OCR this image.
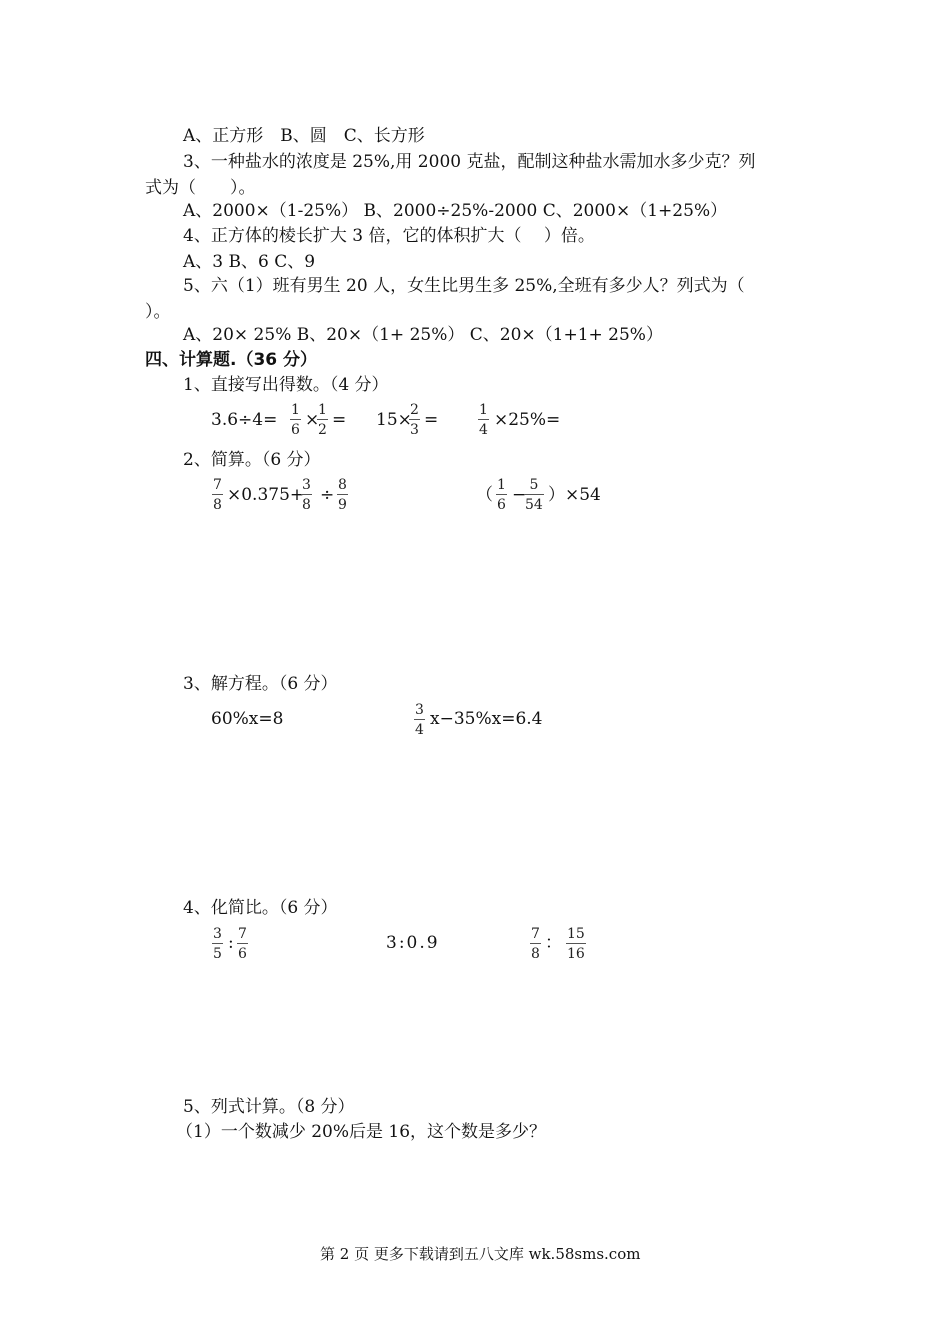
A、正方形　B、圆　C、长方形
3、一种盐水的浓度是 25%,用 2000 克盐，配制这种盐水需加水多少克？列
式为（　　）。
A、2000×（1-25%） B、2000÷25%-2000 C、2000×（1+25%）
4、正方体的棱长扩大 3 倍，它的体积扩大（　 ）倍。
A、3 B、6 C、9
5、六（1）班有男生 20 人，女生比男生多 25%,全班有多少人？列式为（
）。
A、20× 25% B、20×（1+ 25%） C、20×（1+1+ 25%）
四、计算题.（36 分）
1、直接写出得数。（4 分）
3.6÷4= 1
6 ×
1
2 = 15×
2
3 =	1
4 ×25%=
2、简算。（6 分）
7
8 ×0.375+
3
8 ÷ 8
9	（ 1
6 − 5
54 ）×54
3、解方程。（6 分）
60%x=8	3
4
x−35%x=6.4
4、化简比。（6 分）
3
5
: 7
6
3:0.9	7
8
： 15
16
5、列式计算。（8 分）
（1）一个数减少 20%后是 16，这个数是多少？
第 2 页 更多下载请到五八文库 wk.58sms.com
